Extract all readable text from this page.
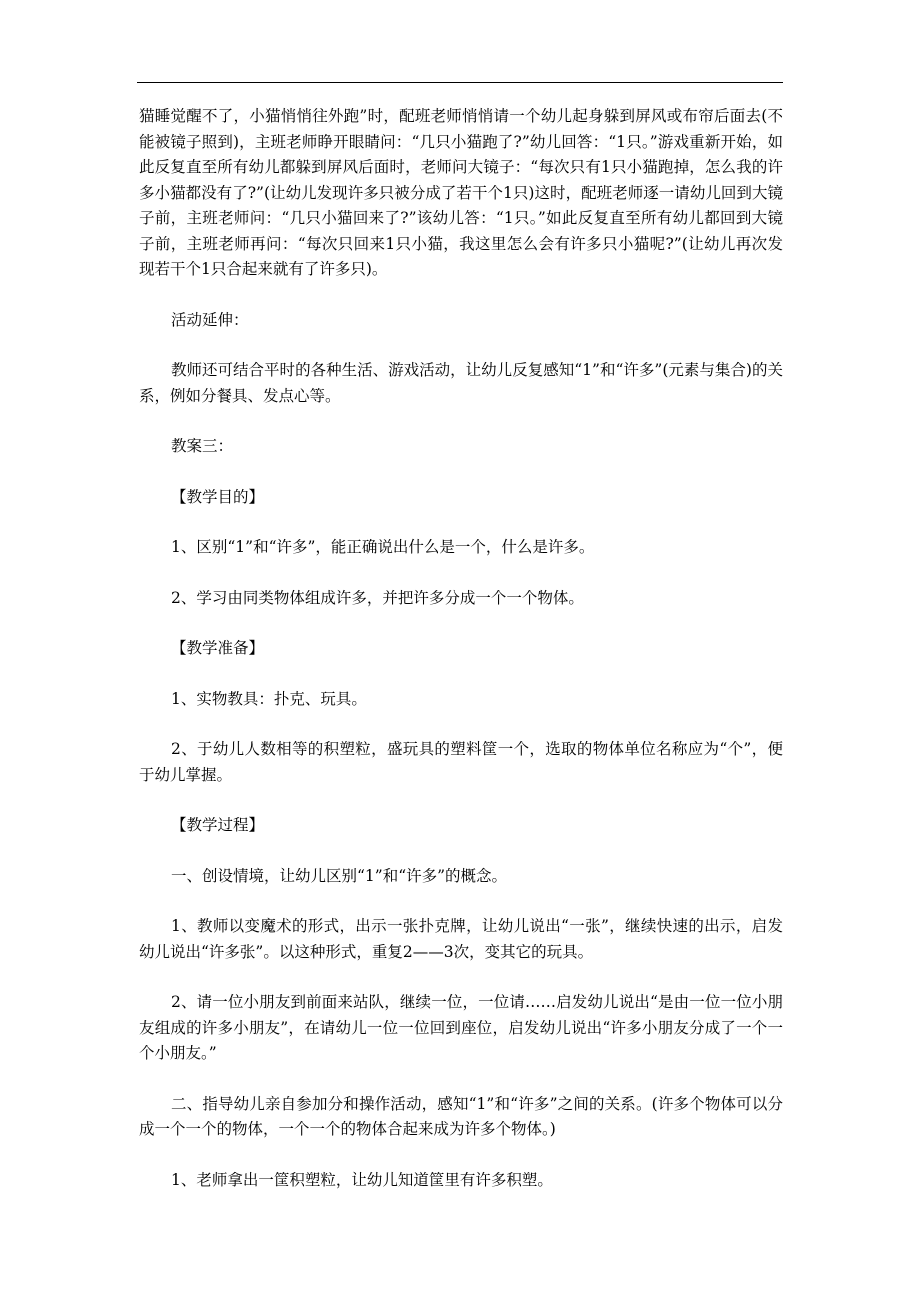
猫睡觉醒不了，小猫悄悄往外跑”时，配班老师悄悄请一个幼儿起身躲到屏风或布帘后面去(不能被镜子照到)，主班老师睁开眼睛问：“几只小猫跑了?”幼儿回答：“1只。”游戏重新开始，如此反复直至所有幼儿都躲到屏风后面时，老师问大镜子：“每次只有1只小猫跑掉，怎么我的许多小猫都没有了?”(让幼儿发现许多只被分成了若干个1只)这时，配班老师逐一请幼儿回到大镜子前，主班老师问：“几只小猫回来了?”该幼儿答：“1只。”如此反复直至所有幼儿都回到大镜子前，主班老师再问：“每次只回来1只小猫，我这里怎么会有许多只小猫呢?”(让幼儿再次发现若干个1只合起来就有了许多只)。

活动延伸：

教师还可结合平时的各种生活、游戏活动，让幼儿反复感知“1”和“许多”(元素与集合)的关系，例如分餐具、发点心等。

教案三：

【教学目的】

1、区别“1”和“许多”，能正确说出什么是一个，什么是许多。

2、学习由同类物体组成许多，并把许多分成一个一个物体。

【教学准备】

1、实物教具：扑克、玩具。

2、于幼儿人数相等的积塑粒，盛玩具的塑料筐一个，选取的物体单位名称应为“个”，便于幼儿掌握。

【教学过程】

一、创设情境，让幼儿区别“1”和“许多”的概念。

1、教师以变魔术的形式，出示一张扑克牌，让幼儿说出“一张”，继续快速的出示，启发幼儿说出“许多张”。以这种形式，重复2——3次，变其它的玩具。

2、请一位小朋友到前面来站队，继续一位，一位请……启发幼儿说出“是由一位一位小朋友组成的许多小朋友”，在请幼儿一位一位回到座位，启发幼儿说出“许多小朋友分成了一个一个小朋友。”

二、指导幼儿亲自参加分和操作活动，感知“1”和“许多”之间的关系。(许多个物体可以分成一个一个的物体，一个一个的物体合起来成为许多个物体。)

1、老师拿出一筐积塑粒，让幼儿知道筐里有许多积塑。
